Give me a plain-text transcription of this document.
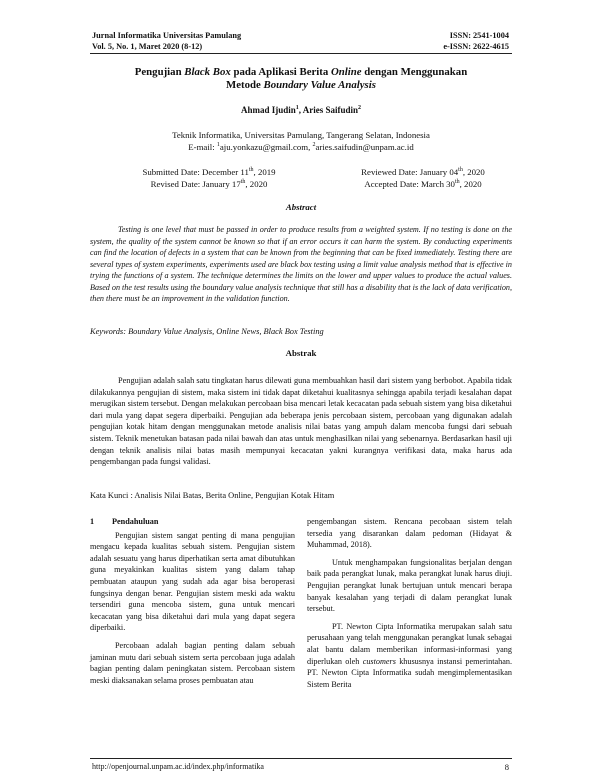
Jurnal Informatika Universitas Pamulang
Vol. 5, No. 1, Maret 2020 (8-12)
ISSN: 2541-1004
e-ISSN: 2622-4615
Pengujian Black Box pada Aplikasi Berita Online dengan Menggunakan
Metode Boundary Value Analysis
Ahmad Ijudin$^1$, Aries Saifudin$^2$
Teknik Informatika, Universitas Pamulang, Tangerang Selatan, Indonesia
E-mail: $^1$aju.yonkazu@gmail.com, $^2$aries.saifudin@unpam.ac.id
Submitted Date: December 11th, 2019
Revised Date: January 17th, 2020
Reviewed Date: January 04th, 2020
Accepted Date: March 30th, 2020
Abstract

Testing is one level that must be passed in order to produce results from a weighted system. If no testing is done on the system, the quality of the system cannot be known so that if an error occurs it can harm the system. By conducting experiments can find the location of defects in a system that can be known from the beginning that can be fixed immediately. Testing there are several types of system experiments, experiments used are black box testing using a limit value analysis method that is effective in trying the functions of a system. The technique determines the limits on the lower and upper values to produce the actual values. Based on the test results using the boundary value analysis technique that still has a disability that is the lack of data verification, then there must be an improvement in the validation function.

Keywords: Boundary Value Analysis, Online News, Black Box Testing
Abstrak

Pengujian adalah salah satu tingkatan harus dilewati guna membuahkan hasil dari sistem yang berbobot. Apabila tidak dilakukannya pengujian di sistem, maka sistem ini tidak dapat diketahui kualitasnya sehingga apabila terjadi kesalahan dapat merugikan sistem tersebut. Dengan melakukan percobaan bisa mencari letak kecacatan pada sebuah sistem yang bisa diketahui dari mula yang dapat segera diperbaiki. Pengujian ada beberapa jenis percobaan sistem, percobaan yang digunakan adalah pengujian kotak hitam dengan menggunakan metode analisis nilai batas yang ampuh dalam mencoba fungsi dari sebuah sistem. Teknik menetukan batasan pada nilai bawah dan atas untuk menghasilkan nilai yang sebenarnya. Berdasarkan hasil uji dengan teknik analisis nilai batas masih mempunyai kecacatan yakni kurangnya verifikasi data, maka harus ada pengembangan pada fungsi validasi.

Kata Kunci : Analisis Nilai Batas, Berita Online, Pengujian Kotak Hitam
1 Pendahuluan

Pengujian sistem sangat penting di mana pengujian mengacu kepada kualitas sebuah sistem. Pengujian sistem adalah sesuatu yang harus diperhatikan serta amat dibutuhkan guna meyakinkan kualitas sistem yang dalam tahap pembuatan ataupun yang sudah ada agar bisa beroperasi fungsinya dengan benar. Pengujian sistem meski ada waktu tersendiri guna mencoba sistem, guna untuk mencari kecacatan yang bisa diketahui dari mula yang dapat segera diperbaiki.

Percobaan adalah bagian penting dalam sebuah jaminan mutu dari sebuah sistem serta percobaan juga adalah bagian penting dalam peningkatan sistem. Percobaan sistem meski diaksanakan selama proses pembuatan atau

pengembangan sistem. Rencana pecobaan sistem telah tersedia yang disarankan dalam pedoman (Hidayat & Muhammad, 2018).

Untuk menghampakan fungsionalitas berjalan dengan baik pada perangkat lunak, maka perangkat lunak harus diuji. Pengujian perangkat lunak bertujuan untuk mencari berapa banyak kesalahan yang terjadi di dalam perangkat lunak tersebut.

PT. Newton Cipta Informatika merupakan salah satu perusahaan yang telah menggunakan perangkat lunak sebagai alat bantu dalam memberikan informasi-informasi yang diperlukan oleh customers khususnya instansi pemerintahan. PT. Newton Cipta Informatika sudah mengimplementasikan Sistem Berita

http://openjournal.unpam.ac.id/index.php/informatika	8
